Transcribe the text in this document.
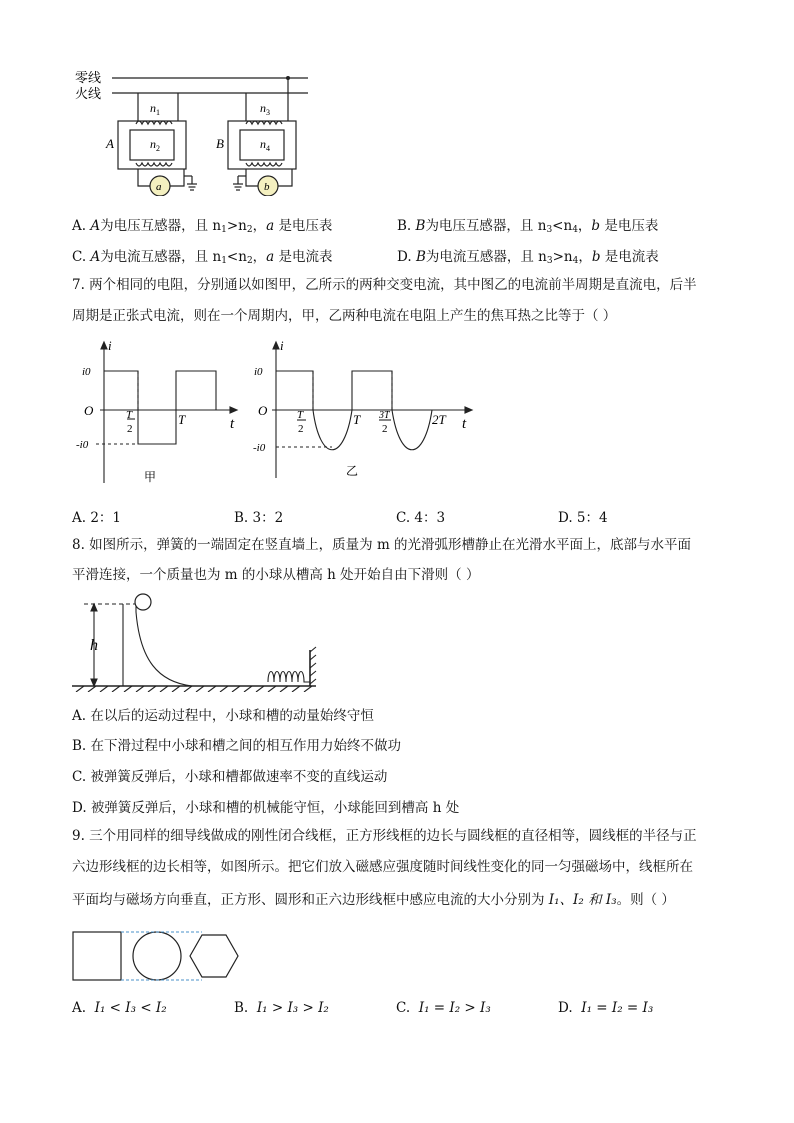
零线
火线
A	B
$n_1$
$n_2$
$n_3$
$n_4$
a	b
A. A为电压互感器，且 $n_1>n_2$，a 是电压表	B. B为电压互感器，且 $n_3<n_4$，b 是电压表
C. A为电流互感器，且 $n_1<n_2$，a 是电流表	D. B为电流互感器，且 $n_3>n_4$，b 是电流表
7. 两个相同的电阻，分别通以如图甲，乙所示的两种交变电流，其中图乙的电流前半周期是直流电，后半
周期是正张式电流，则在一个周期内，甲，乙两种电流在电阻上产生的焦耳热之比等于（ ）
i
t
O
i0
-i0
T
2
T
甲
i
t
O
i0
-i0
T
2
T 3T
2
2T
乙
A. 2：1	B. 3：2	C. 4：3	D. 5：4
8. 如图所示，弹簧的一端固定在竖直墙上，质量为 m 的光滑弧形槽静止在光滑水平面上，底部与水平面
平滑连接，一个质量也为 m 的小球从槽高 h 处开始自由下滑则（ ）
h
A. 在以后的运动过程中，小球和槽的动量始终守恒
B. 在下滑过程中小球和槽之间的相互作用力始终不做功
C. 被弹簧反弹后，小球和槽都做速率不变的直线运动
D. 被弹簧反弹后，小球和槽的机械能守恒，小球能回到槽高 h 处
9. 三个用同样的细导线做成的刚性闭合线框，正方形线框的边长与圆线框的直径相等，圆线框的半径与正
六边形线框的边长相等，如图所示。把它们放入磁感应强度随时间线性变化的同一匀强磁场中，线框所在
平面均与磁场方向垂直，正方形、圆形和正六边形线框中感应电流的大小分别为 I₁、I₂ 和 I₃。则（ ）
A. I₁ < I₃ < I₂	B. I₁ > I₃ > I₂	C. I₁ = I₂ > I₃	D. I₁ = I₂ = I₃
